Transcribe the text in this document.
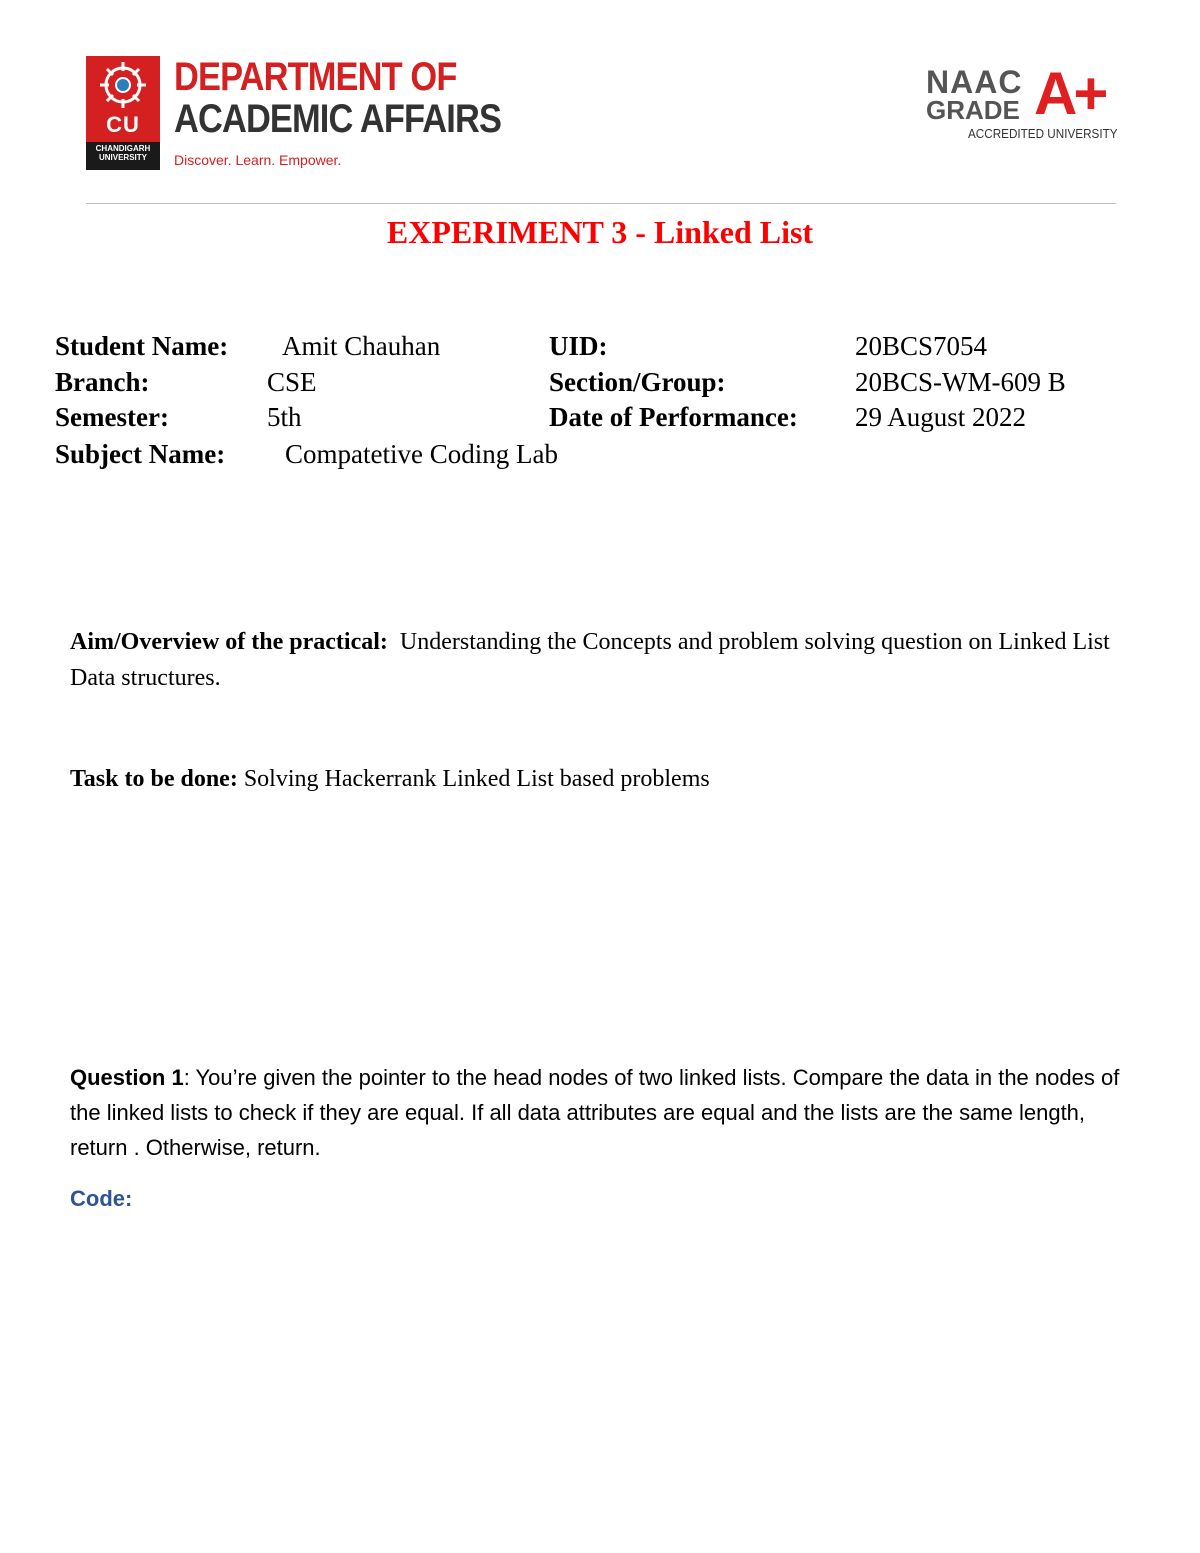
CU
CHANDIGARH UNIVERSITY
DEPARTMENT OF
ACADEMIC AFFAIRS
Discover. Learn. Empower.
NAAC
GRADE A+
ACCREDITED UNIVERSITY
EXPERIMENT 3 - Linked List
Student Name: Amit Chauhan	UID:	20BCS7054
Branch:	CSE	Section/Group:	20BCS-WM-609 B
Semester:	5th	Date of Performance: 29 August 2022
Subject Name: Compatetive Coding Lab
Aim/Overview of the practical: Understanding the Concepts and problem solving question on Linked List Data structures.
Task to be done: Solving Hackerrank Linked List based problems
Question 1: You’re given the pointer to the head nodes of two linked lists. Compare the data in the nodes of the linked lists to check if they are equal. If all data attributes are equal and the lists are the same length, return . Otherwise, return.
Code:
